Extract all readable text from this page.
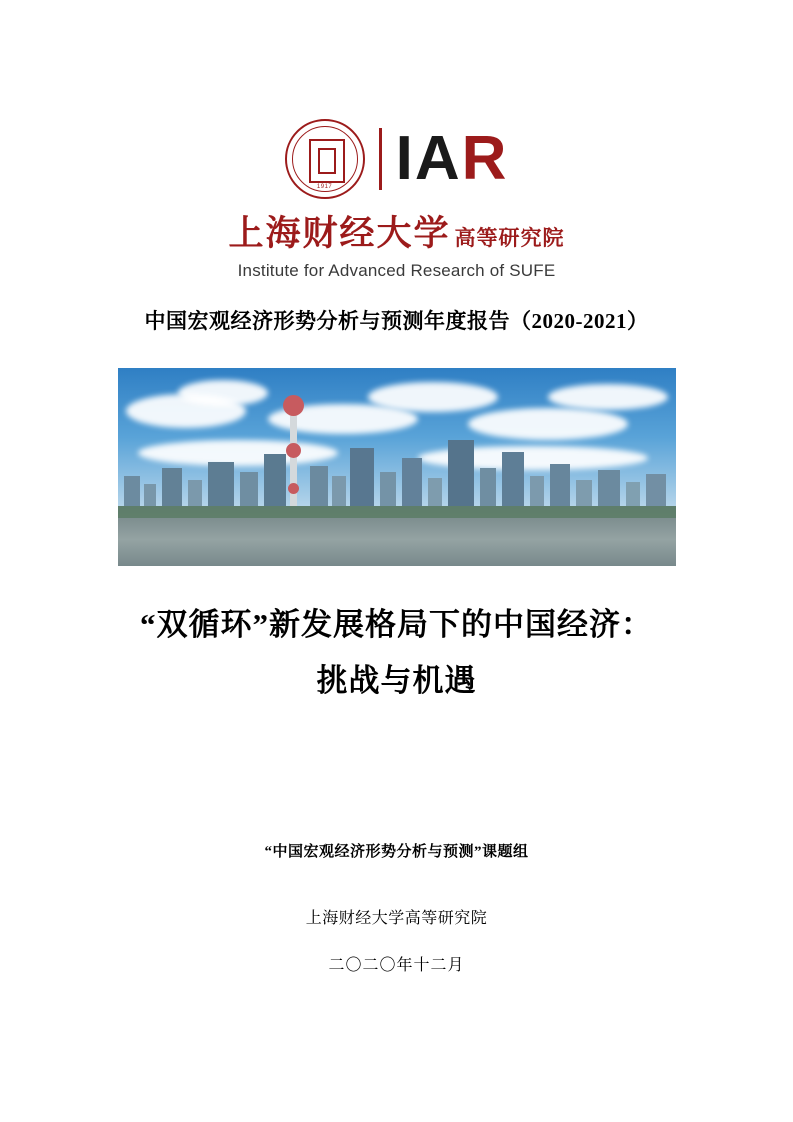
1917	IAR
上海财经大学 高等研究院
Institute for Advanced Research of SUFE
中国宏观经济形势分析与预测年度报告（2020-2021）
“双循环”新发展格局下的中国经济：
挑战与机遇
“中国宏观经济形势分析与预测”课题组
上海财经大学高等研究院
二〇二〇年十二月
